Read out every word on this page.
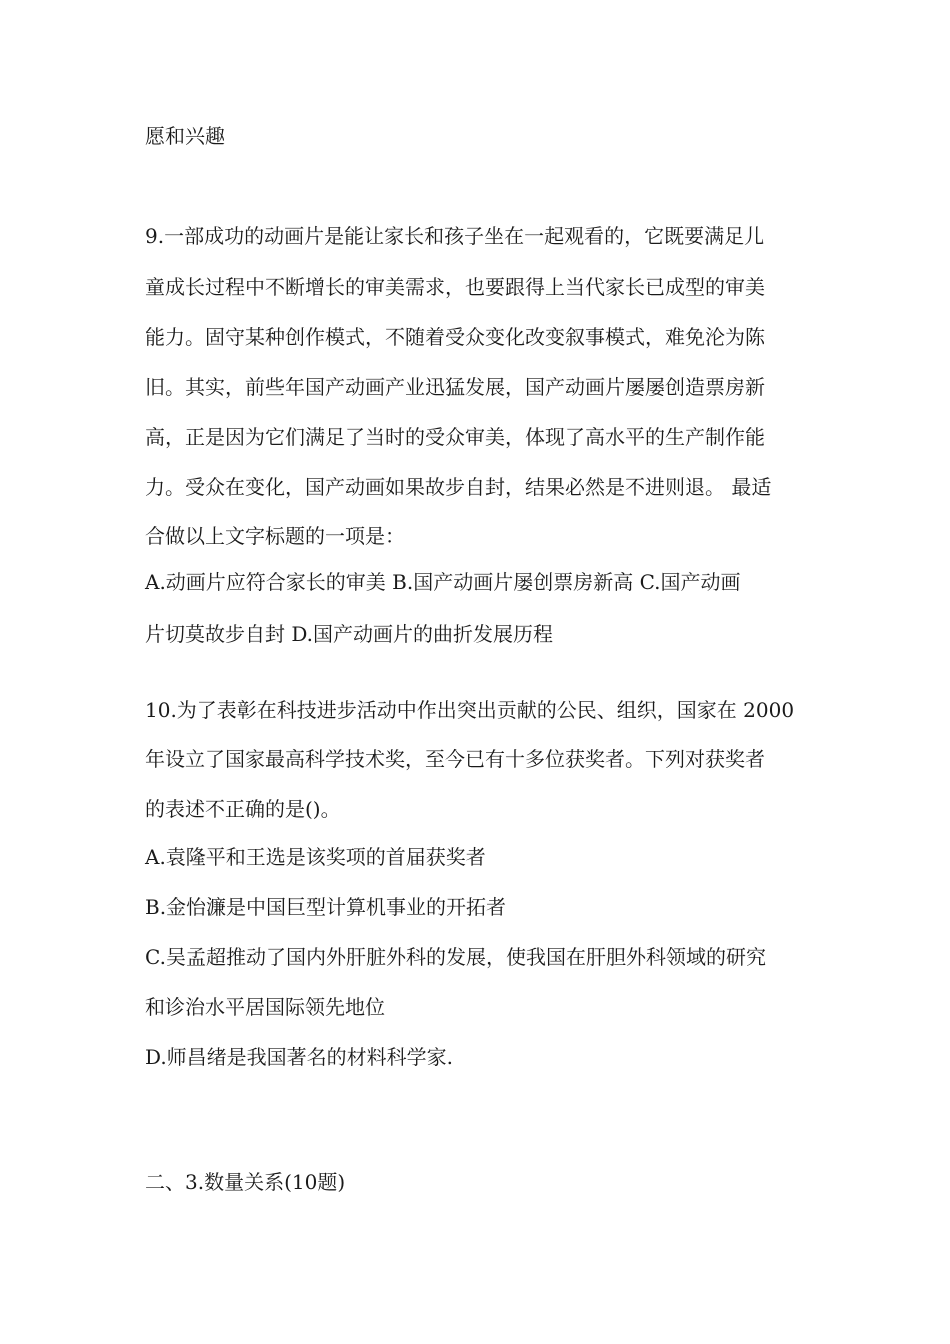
愿和兴趣

9.一部成功的动画片是能让家长和孩子坐在一起观看的，它既要满足儿

童成长过程中不断增长的审美需求，也要跟得上当代家长已成型的审美

能力。固守某种创作模式，不随着受众变化改变叙事模式，难免沦为陈

旧。其实，前些年国产动画产业迅猛发展，国产动画片屡屡创造票房新

高，正是因为它们满足了当时的受众审美，体现了高水平的生产制作能

力。受众在变化，国产动画如果故步自封，结果必然是不进则退。 最适

合做以上文字标题的一项是：

A.动画片应符合家长的审美 B.国产动画片屡创票房新高 C.国产动画

片切莫故步自封 D.国产动画片的曲折发展历程

10.为了表彰在科技进步活动中作出突出贡献的公民、组织，国家在 2000

年设立了国家最高科学技术奖，至今已有十多位获奖者。下列对获奖者

的表述不正确的是()。

A.袁隆平和王选是该奖项的首届获奖者

B.金怡濂是中国巨型计算机事业的开拓者

C.吴孟超推动了国内外肝脏外科的发展，使我国在肝胆外科领域的研究

和诊治水平居国际领先地位

D.师昌绪是我国著名的材料科学家.

二、3.数量关系(10题)
